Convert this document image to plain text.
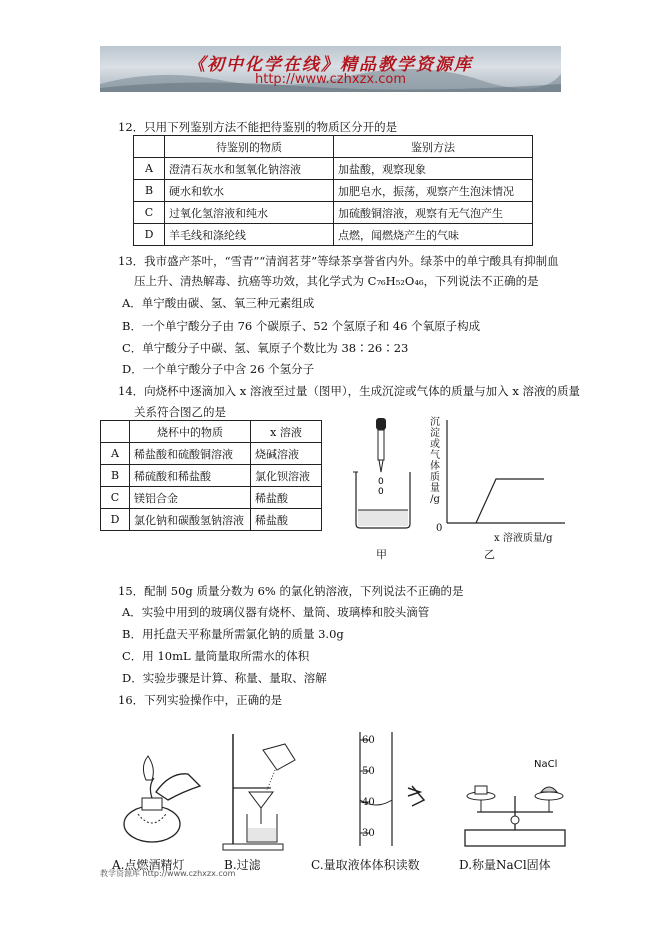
《初中化学在线》精品教学资源库
http://www.czhxzx.com
12．只用下列鉴别方法不能把待鉴别的物质区分开的是
	待鉴别的物质	鉴别方法
A	澄清石灰水和氢氧化钠溶液	加盐酸，观察现象
B	硬水和软水	加肥皂水，振荡，观察产生泡沫情况
C	过氧化氢溶液和纯水	加硫酸铜溶液，观察有无气泡产生
D	羊毛线和涤纶线	点燃，闻燃烧产生的气味
13．我市盛产茶叶，“雪青”“清润茗芽”等绿茶享誉省内外。绿茶中的单宁酸具有抑制血
压上升、清热解毒、抗癌等功效，其化学式为 C₇₆H₅₂O₄₆，下列说法不正确的是
A．单宁酸由碳、氢、氧三种元素组成
B．一个单宁酸分子由 76 个碳原子、52 个氢原子和 46 个氧原子构成
C．单宁酸分子中碳、氢、氧原子个数比为 38∶26∶23
D．一个单宁酸分子中含 26 个氢分子
14．向烧杯中逐滴加入 x 溶液至过量（图甲），生成沉淀或气体的质量与加入 x 溶液的质量
关系符合图乙的是
	烧杯中的物质	x 溶液
A	稀盐酸和硫酸铜溶液	烧碱溶液
B	稀硫酸和稀盐酸	氯化钡溶液
C	镁铝合金	稀盐酸
D	氯化钠和碳酸氢钠溶液	稀盐酸
0
0
甲
沉
淀
或
气
体
质
量
/g
0
x 溶液质量/g
乙
15．配制 50g 质量分数为 6% 的氯化钠溶液，下列说法不正确的是
A．实验中用到的玻璃仪器有烧杯、量筒、玻璃棒和胶头滴管
B．用托盘天平称量所需氯化钠的质量 3.0g
C．用 10mL 量筒量取所需水的体积
D．实验步骤是计算、称量、量取、溶解
16．下列实验操作中，正确的是
60
50
40
30
NaCl
A.点燃酒精灯	B.过滤	C.量取液体体积读数	D.称量NaCl固体
教学资源库 http://www.czhxzx.com
